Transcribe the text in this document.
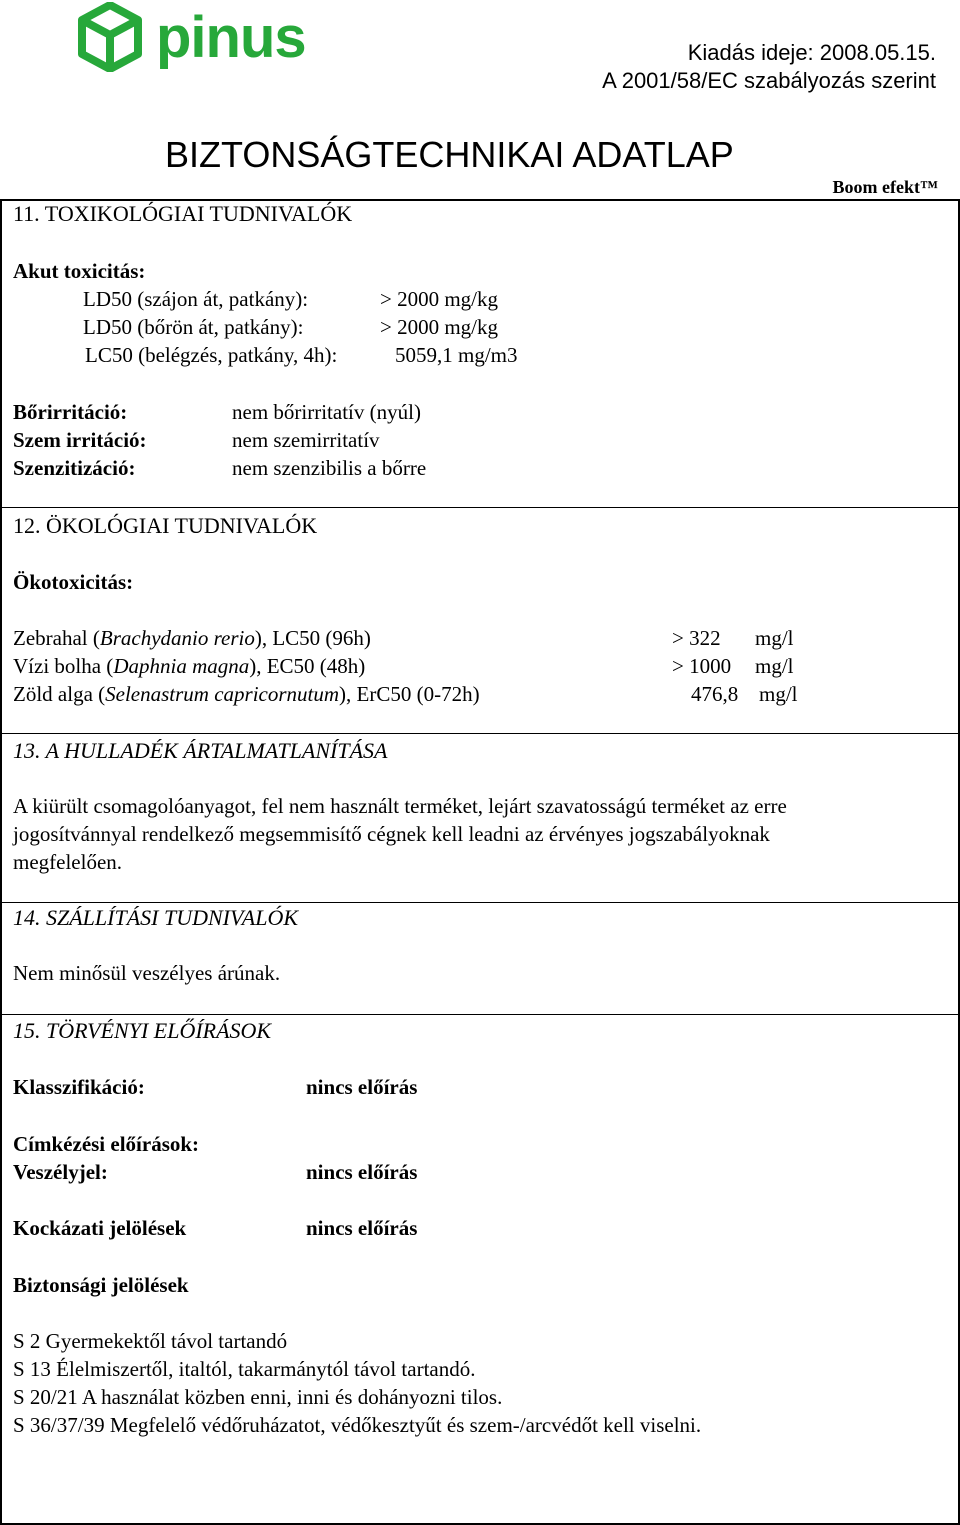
pinus	Kiadás ideje: 2008.05.15.
A 2001/58/EC szabályozás szerint
BIZTONSÁGTECHNIKAI ADATLAP
Boom efekt™
11. TOXIKOLÓGIAI TUDNIVALÓK
Akut toxicitás:
LD50 (szájon át, patkány):	> 2000 mg/kg
LD50 (bőrön át, patkány):	> 2000 mg/kg
LC50 (belégzés, patkány, 4h):	5059,1 mg/m3
Bőrirritáció:	nem bőrirritatív (nyúl)
Szem irritáció:	nem szemirritatív
Szenzitizáció:	nem szenzibilis a bőrre
12. ÖKOLÓGIAI TUDNIVALÓK
Ökotoxicitás:
Zebrahal (Brachydanio rerio), LC50 (96h)	> 322 mg/l
Vízi bolha (Daphnia magna), EC50 (48h)	> 1000 mg/l
Zöld alga (Selenastrum capricornutum), ErC50 (0-72h)	476,8 mg/l
13. A HULLADÉK ÁRTALMATLANÍTÁSA
A kiürült csomagolóanyagot, fel nem használt terméket, lejárt szavatosságú terméket az erre
jogosítvánnyal rendelkező megsemmisítő cégnek kell leadni az érvényes jogszabályoknak
megfelelően.
14. SZÁLLÍTÁSI TUDNIVALÓK
Nem minősül veszélyes árúnak.
15. TÖRVÉNYI ELŐÍRÁSOK
Klasszifikáció:	nincs előírás
Címkézési előírások:
Veszélyjel:	nincs előírás
Kockázati jelölések	nincs előírás
Biztonsági jelölések
S 2 Gyermekektől távol tartandó
S 13 Élelmiszertől, italtól, takarmánytól távol tartandó.
S 20/21 A használat közben enni, inni és dohányozni tilos.
S 36/37/39 Megfelelő védőruházatot, védőkesztyűt és szem-/arcvédőt kell viselni.
